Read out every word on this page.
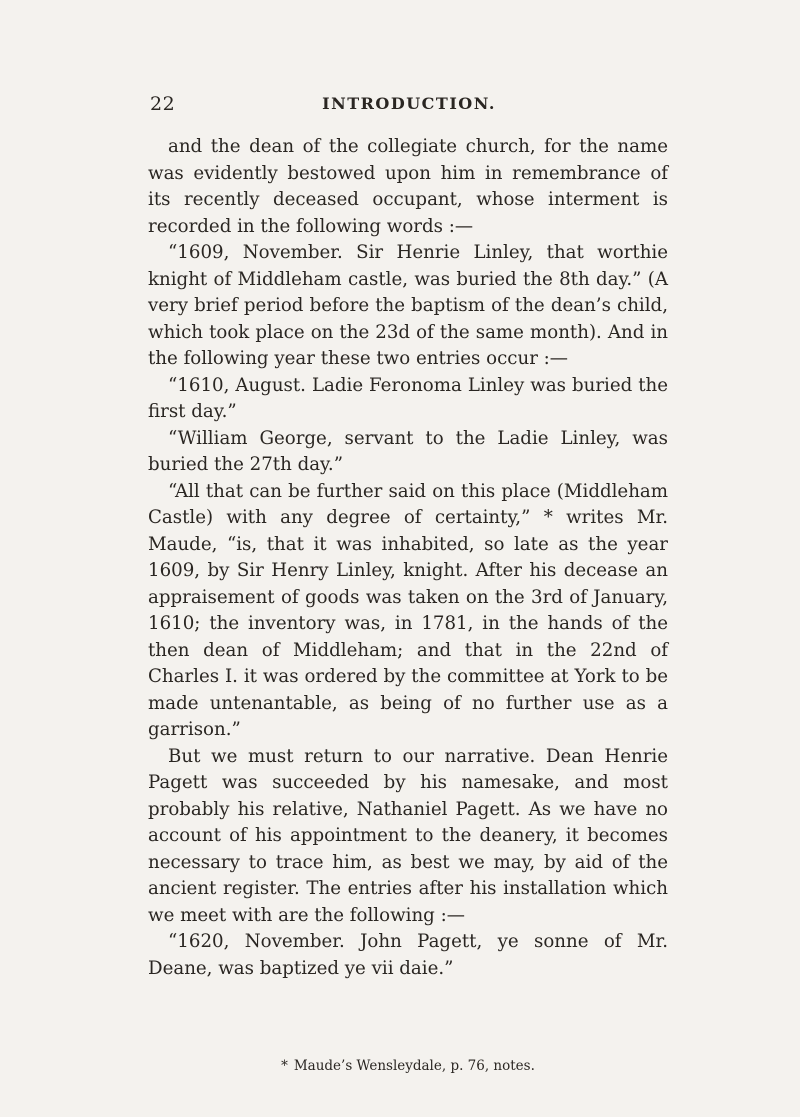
22	INTRODUCTION.

and the dean of the collegiate church, for the name was evidently bestowed upon him in remembrance of its recently deceased occupant, whose interment is recorded in the following words :—

“1609, November. Sir Henrie Linley, that worthie knight of Middleham castle, was buried the 8th day.” (A very brief period before the baptism of the dean’s child, which took place on the 23d of the same month). And in the following year these two entries occur :—

“1610, August. Ladie Feronoma Linley was buried the first day.”

“William George, servant to the Ladie Linley, was buried the 27th day.”

“All that can be further said on this place (Middleham Castle) with any degree of certainty,” * writes Mr. Maude, “is, that it was inhabited, so late as the year 1609, by Sir Henry Linley, knight. After his decease an appraisement of goods was taken on the 3rd of January, 1610; the inventory was, in 1781, in the hands of the then dean of Middleham; and that in the 22nd of Charles I. it was ordered by the committee at York to be made untenantable, as being of no further use as a garrison.”

But we must return to our narrative. Dean Henrie Pagett was succeeded by his namesake, and most probably his relative, Nathaniel Pagett. As we have no account of his appointment to the deanery, it becomes necessary to trace him, as best we may, by aid of the ancient register. The entries after his installation which we meet with are the following :—

“1620, November. John Pagett, ye sonne of Mr. Deane, was baptized ye vii daie.”

* Maude’s Wensleydale, p. 76, notes.
